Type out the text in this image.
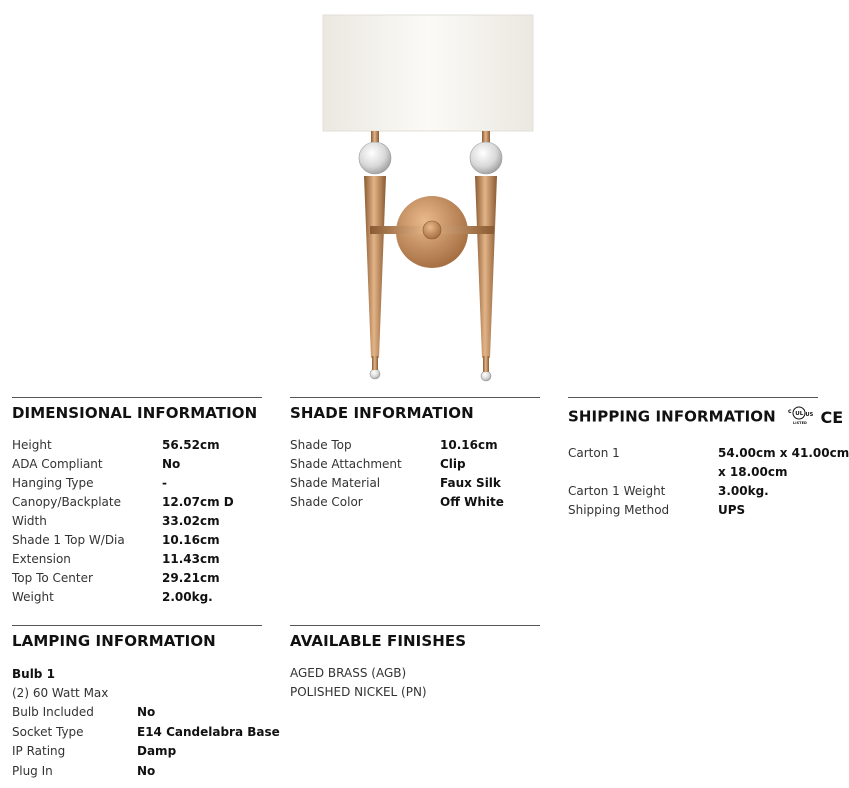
DIMENSIONAL INFORMATION
Height	56.52cm
ADA Compliant	No
Hanging Type	-
Canopy/Backplate	12.07cm D
Width	33.02cm
Shade 1 Top W/Dia	10.16cm
Extension	11.43cm
Top To Center	29.21cm
Weight	2.00kg.
SHADE INFORMATION
Shade Top	10.16cm
Shade Attachment	Clip
Shade Material	Faux Silk
Shade Color	Off White
SHIPPING INFORMATION c UL US
LISTED CE
Carton 1	54.00cm x 41.00cm
x 18.00cm
Carton 1 Weight	3.00kg.
Shipping Method	UPS
LAMPING INFORMATION
Bulb 1
(2) 60 Watt Max
Bulb Included	No
Socket Type	E14 Candelabra Base
IP Rating	Damp
Plug In	No
AVAILABLE FINISHES
AGED BRASS (AGB)
POLISHED NICKEL (PN)
